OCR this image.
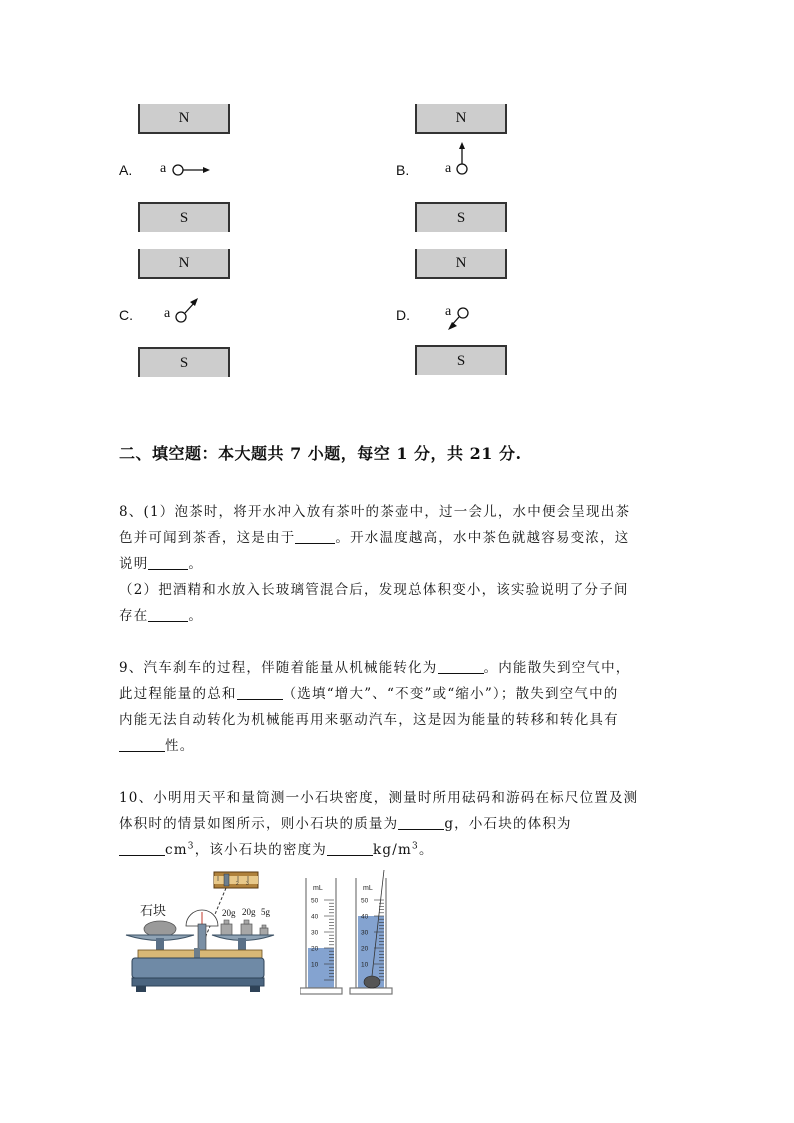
N
A. a
S
N
B.	a
S
N
C. a
S
N
D.	a
S
二、填空题：本大题共 7 小题，每空 1 分，共 21 分.
8、(1）泡茶时，将开水冲入放有茶叶的茶壶中，过一会儿，水中便会呈现出茶
色并可闻到茶香，这是由于	。开水温度越高，水中茶色就越容易变浓，这
说明	。
（2）把酒精和水放入长玻璃管混合后，发现总体积变小，该实验说明了分子间
存在	。
9、汽车刹车的过程，伴随着能量从机械能转化为	。内能散失到空气中，
此过程能量的总和	（选填“增大”、“不变”或“缩小”）；散失到空气中的
内能无法自动转化为机械能再用来驱动汽车，这是因为能量的转移和转化具有
性。
10、小明用天平和量筒测一小石块密度，测量时所用砝码和游码在标尺位置及测
体积时的情景如图所示，则小石块的质量为	g，小石块的体积为
$cm^3$，该小石块的密度为	$kg/m^3$。
2 3
石块	20g 20g 5g
mL
50
40
30
20
10
mL
50
40
30
20
10
